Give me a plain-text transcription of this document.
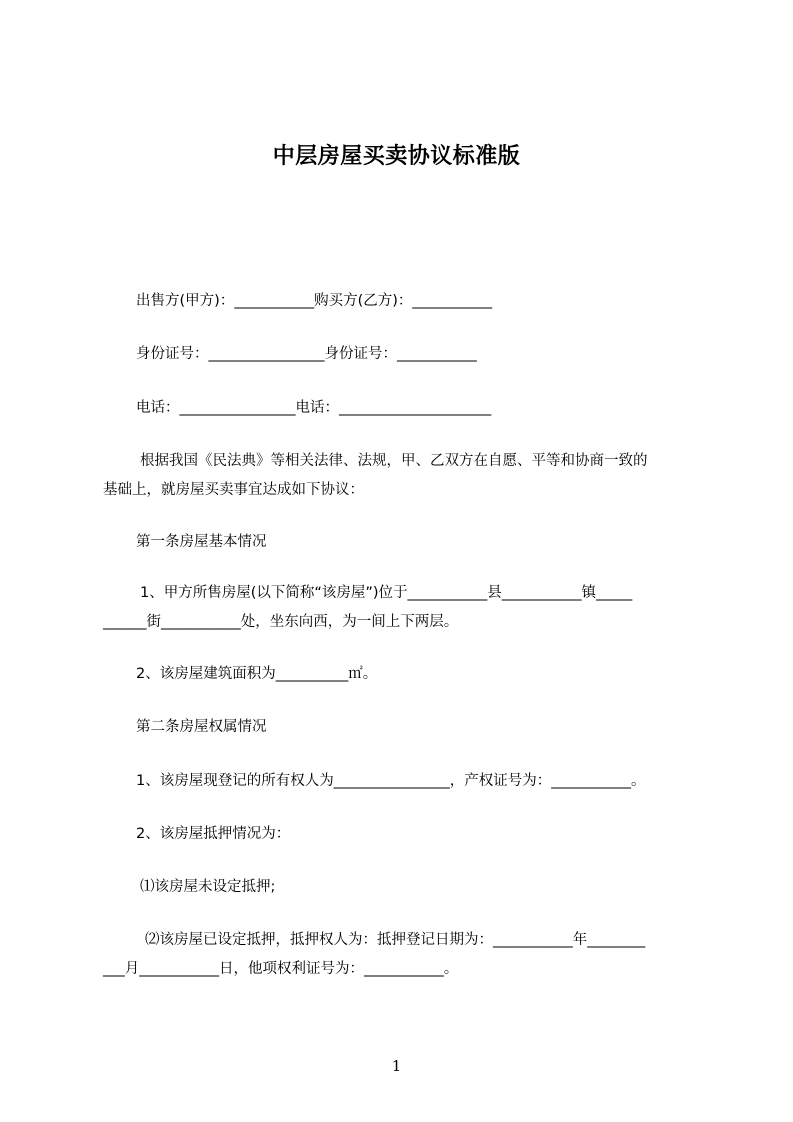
中层房屋买卖协议标准版
出售方(甲方)：___________购买方(乙方)：___________
身份证号：________________身份证号：___________
电话：________________电话：_____________________
根据我国《民法典》等相关法律、法规，甲、乙双方在自愿、平等和协商一致的
基础上，就房屋买卖事宜达成如下协议：
第一条房屋基本情况
1、甲方所售房屋(以下简称“该房屋”)位于___________县___________镇_____
______街___________处，坐东向西，为一间上下两层。
2、该房屋建筑面积为__________㎡。
第二条房屋权属情况
1、该房屋现登记的所有权人为________________，产权证号为：___________。
2、该房屋抵押情况为：
⑴该房屋未设定抵押;
⑵该房屋已设定抵押，抵押权人为：抵押登记日期为：___________年________
___月___________日，他项权利证号为：___________。
1
